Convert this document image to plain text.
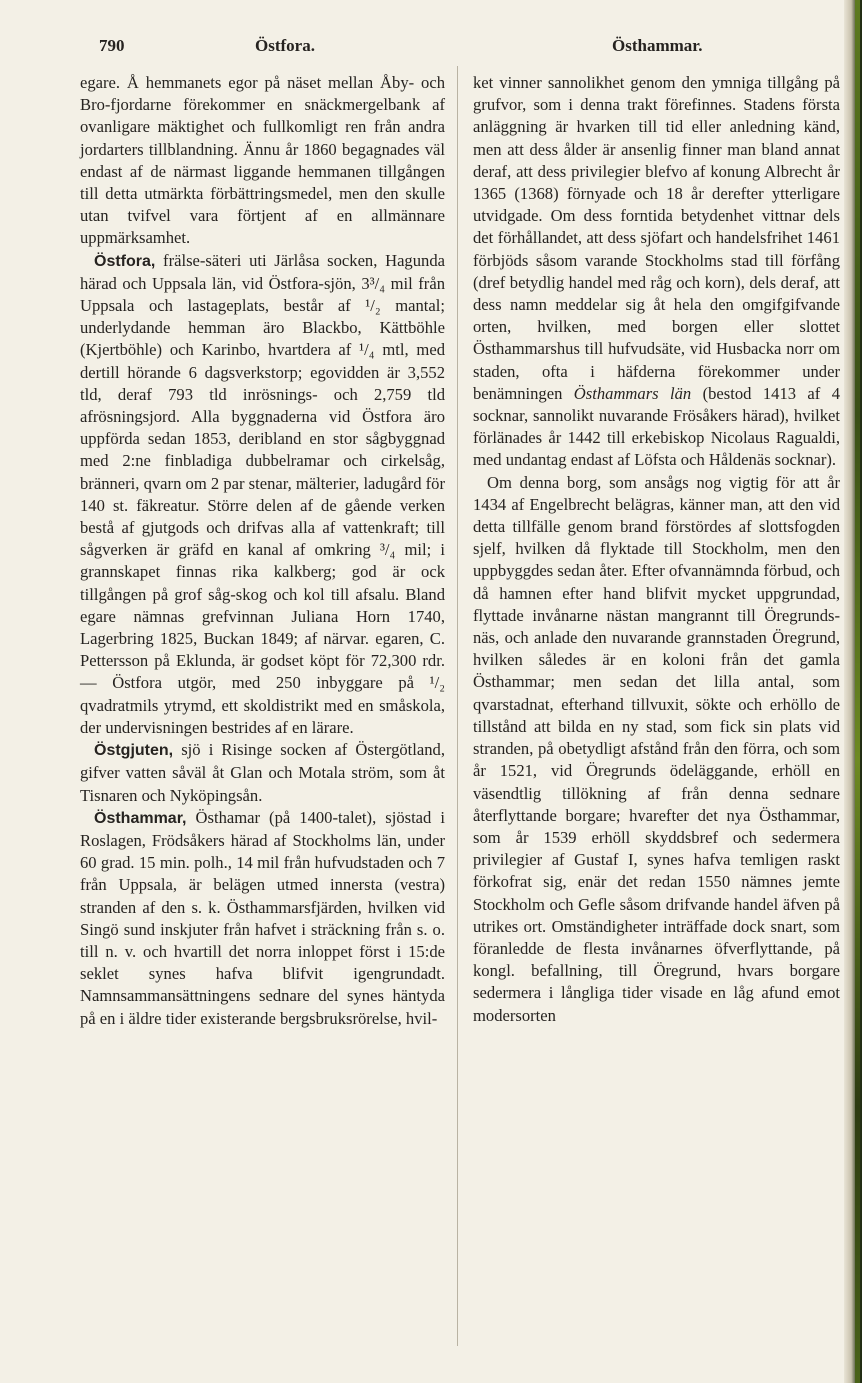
790	Östfora.	Östhammar.

egare. Å hemmanets egor på näset mellan Åby- och Bro-fjordarne förekommer en snäckmergelbank af ovanligare mäktighet och fullkomligt ren från andra jordarters tillblandning. Ännu år 1860 begagnades väl endast af de närmast liggande hemmanen tillgången till detta utmärkta förbättringsmedel, men den skulle utan tvifvel vara förtjent af en allmännare uppmärksamhet.

Östfora, frälse-säteri uti Järlåsa socken, Hagunda härad och Uppsala län, vid Östfora-sjön, 3³/₄ mil från Uppsala och lastageplats, består af ¹/₂ mantal; underlydande hemman äro Blackbo, Kättböhle (Kjertböhle) och Karinbo, hvartdera af ¹/₄ mtl, med dertill hörande 6 dagsverkstorp; egovidden är 3,552 tld, deraf 793 tld inrösnings- och 2,759 tld afrösningsjord. Alla byggnaderna vid Östfora äro uppförda sedan 1853, deribland en stor sågbyggnad med 2:ne finbladiga dubbelramar och cirkelsåg, bränneri, qvarn om 2 par stenar, mälterier, ladugård för 140 st. fäkreatur. Större delen af de gående verken bestå af gjutgods och drifvas alla af vattenkraft; till sågverken är gräfd en kanal af omkring ³/₄ mil; i grannskapet finnas rika kalkberg; god är ock tillgången på grof såg-skog och kol till afsalu. Bland egare nämnas grefvinnan Juliana Horn 1740, Lagerbring 1825, Buckan 1849; af närvar. egaren, C. Pettersson på Eklunda, är godset köpt för 72,300 rdr. — Östfora utgör, med 250 inbyggare på ¹/₂ qvadratmils ytrymd, ett skoldistrikt med en småskola, der undervisningen bestrides af en lärare.

Östgjuten, sjö i Risinge socken af Östergötland, gifver vatten såväl åt Glan och Motala ström, som åt Tisnaren och Nyköpingsån.

Östhammar, Östhamar (på 1400-talet), sjöstad i Roslagen, Frödsåkers härad af Stockholms län, under 60 grad. 15 min. polh., 14 mil från hufvudstaden och 7 från Uppsala, är belägen utmed innersta (vestra) stranden af den s. k. Östhammarsfjärden, hvilken vid Singö sund inskjuter från hafvet i sträckning från s. o. till n. v. och hvartill det norra inloppet först i 15:de seklet synes hafva blifvit igengrundadt. Namnsammansättningens sednare del synes häntyda på en i äldre tider existerande bergsbruksrörelse, hvil-

ket vinner sannolikhet genom den ymniga tillgång på grufvor, som i denna trakt förefinnes. Stadens första anläggning är hvarken till tid eller anledning känd, men att dess ålder är ansenlig finner man bland annat deraf, att dess privilegier blefvo af konung Albrecht år 1365 (1368) förnyade och 18 år derefter ytterligare utvidgade. Om dess forntida betydenhet vittnar dels det förhållandet, att dess sjöfart och handelsfrihet 1461 förbjöds såsom varande Stockholms stad till förfång (dref betydlig handel med råg och korn), dels deraf, att dess namn meddelar sig åt hela den omgifgifvande orten, hvilken, med borgen eller slottet Östhammarshus till hufvudsäte, vid Husbacka norr om staden, ofta i häfderna förekommer under benämningen Östhammars län (bestod 1413 af 4 socknar, sannolikt nuvarande Frösåkers härad), hvilket förlänades år 1442 till erkebiskop Nicolaus Ragualdi, med undantag endast af Löfsta och Håldenäs socknar).

Om denna borg, som ansågs nog vigtig för att år 1434 af Engelbrecht belägras, känner man, att den vid detta tillfälle genom brand förstördes af slottsfogden sjelf, hvilken då flyktade till Stockholm, men den uppbyggdes sedan åter. Efter ofvannämnda förbud, och då hamnen efter hand blifvit mycket uppgrundad, flyttade invånarne nästan mangrannt till Öregrunds-näs, och anlade den nuvarande grannstaden Öregrund, hvilken således är en koloni från det gamla Östhammar; men sedan det lilla antal, som qvarstadnat, efterhand tillvuxit, sökte och erhöllo de tillstånd att bilda en ny stad, som fick sin plats vid stranden, på obetydligt afstånd från den förra, och som år 1521, vid Öregrunds ödeläggande, erhöll en väsendtlig tillökning af från denna sednare återflyttande borgare; hvarefter det nya Östhammar, som år 1539 erhöll skyddsbref och sedermera privilegier af Gustaf I, synes hafva temligen raskt förkofrat sig, enär det redan 1550 nämnes jemte Stockholm och Gefle såsom drifvande handel äfven på utrikes ort. Omständigheter inträffade dock snart, som föranledde de flesta invånarnes öfverflyttande, på kongl. befallning, till Öregrund, hvars borgare sedermera i långliga tider visade en låg afund emot modersorten
